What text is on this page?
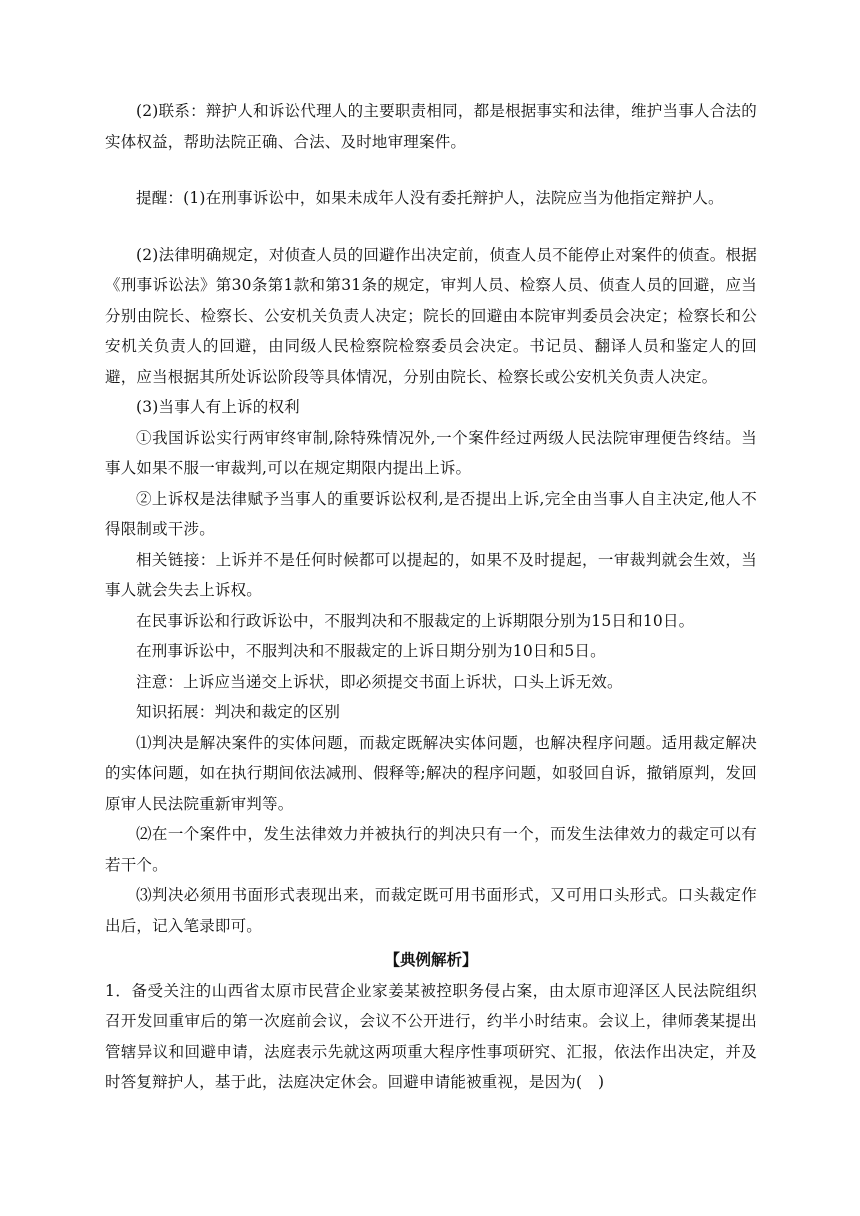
(2)联系：辩护人和诉讼代理人的主要职责相同，都是根据事实和法律，维护当事人合法的实体权益，帮助法院正确、合法、及时地审理案件。

提醒：(1)在刑事诉讼中，如果未成年人没有委托辩护人，法院应当为他指定辩护人。

(2)法律明确规定，对侦查人员的回避作出决定前，侦查人员不能停止对案件的侦查。根据《刑事诉讼法》第30条第1款和第31条的规定，审判人员、检察人员、侦查人员的回避，应当分别由院长、检察长、公安机关负责人决定；院长的回避由本院审判委员会决定；检察长和公安机关负责人的回避，由同级人民检察院检察委员会决定。书记员、翻译人员和鉴定人的回避，应当根据其所处诉讼阶段等具体情况，分别由院长、检察长或公安机关负责人决定。

(3)当事人有上诉的权利

①我国诉讼实行两审终审制,除特殊情况外,一个案件经过两级人民法院审理便告终结。当事人如果不服一审裁判,可以在规定期限内提出上诉。

②上诉权是法律赋予当事人的重要诉讼权利,是否提出上诉,完全由当事人自主决定,他人不得限制或干涉。

相关链接：上诉并不是任何时候都可以提起的，如果不及时提起，一审裁判就会生效，当事人就会失去上诉权。

在民事诉讼和行政诉讼中，不服判决和不服裁定的上诉期限分别为15日和10日。

在刑事诉讼中，不服判决和不服裁定的上诉日期分别为10日和5日。

注意：上诉应当递交上诉状，即必须提交书面上诉状，口头上诉无效。

知识拓展：判决和裁定的区别

⑴判决是解决案件的实体问题，而裁定既解决实体问题，也解决程序问题。适用裁定解决的实体问题，如在执行期间依法减刑、假释等;解决的程序问题，如驳回自诉，撤销原判，发回原审人民法院重新审判等。

⑵在一个案件中，发生法律效力并被执行的判决只有一个，而发生法律效力的裁定可以有若干个。

⑶判决必须用书面形式表现出来，而裁定既可用书面形式，又可用口头形式。口头裁定作出后，记入笔录即可。

【典例解析】

1．备受关注的山西省太原市民营企业家姜某被控职务侵占案，由太原市迎泽区人民法院组织召开发回重审后的第一次庭前会议，会议不公开进行，约半小时结束。会议上，律师袭某提出管辖异议和回避申请，法庭表示先就这两项重大程序性事项研究、汇报，依法作出决定，并及时答复辩护人，基于此，法庭决定休会。回避申请能被重视，是因为(　)
